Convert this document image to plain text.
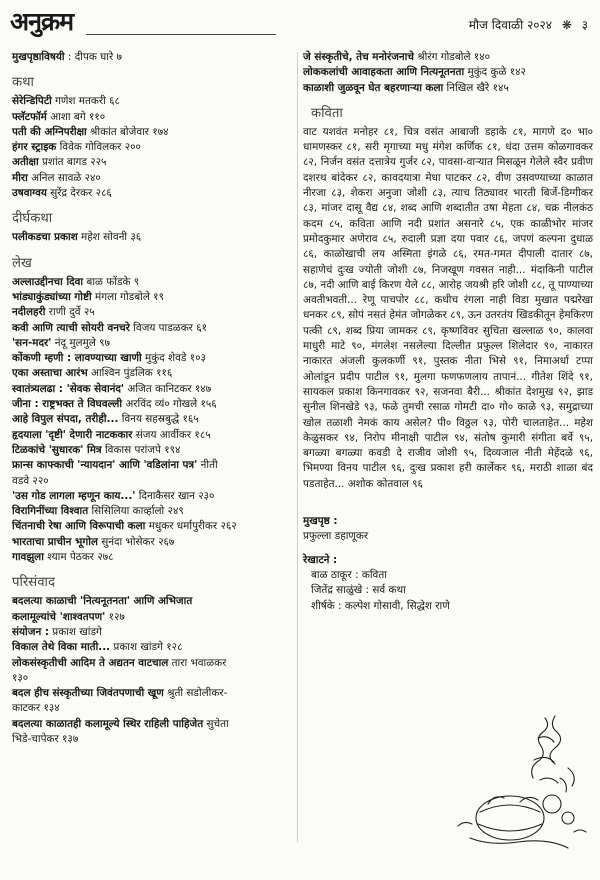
अनुक्रम	मौज दिवाळी २०२४ ❋ ३
मुखपृष्ठाविषयी : दीपक घारे ७
कथा
सेरेन्डिपिटी गणेश मतकरी ६८
फ्लॅटफॉर्म आशा बगे ११०
पती की अग्निपरीक्षा श्रीकांत बोजेवार १७४
हंगर स्ट्राइक विवेक गोविलकर २००
अतीक्षा प्रशांत बागड २२५
मीरा अनिल सावळे २४०
उषवाग्वय सुरेंद्र देरकर २८६
दीर्घकथा
पलीकडचा प्रकाश महेश सोवनी ३६
लेख
अल्लाउद्दीनचा दिवा बाळ फोंडके ९
भांड्याकुंड्यांच्या गोष्टी मंगला गोडबोले १९
नदीलहरी राणी दुर्वे २५
कवी आणि त्याची सोयरी वनचरे विजय पाडळकर ६१
'सन-मदर' नंदू मुलमुले ९७
कोंकणी म्हणी : लावण्याच्या खाणी मुकुंद शेवडे १०३
एका अस्ताचा आरंभ आश्विन पुंडलिक ११६
स्वातंत्र्यलढा : 'सेवक सेवानंद' अजित कानिटकर १४७
जीना : राष्ट्रभक्त ते विघवल्ली अरविंद व्यं० गोखले १५६
आहे विपुल संपदा, तरीही... विनय सहस्रबुद्धे १६५
हृदयाला 'दृष्टी' देणारी नाटककार संजय आर्वीकर १८५
टिळकांचे 'सुधारक' मित्र विकास परांजपे १९४
फ्रान्स काफ्काची 'न्यायदान' आणि 'वडिलांना पत्र' नीती
वडवे २२०
'उस गोड लागला म्हणून काय...' दिनाकैसर खान २३०
विरागिनींच्या विश्वात सिसिलिया कार्व्हालो २४९
चिंतनाची रेषा आणि विरूपाची कला मधुकर धर्मापुरीकर २६२
भारताचा प्राचीन भूगोल सुनंदा भोसेकर २६७
गावझुला श्याम पेठकर २७८
परिसंवाद
बदलत्या काळाची 'नित्यनूतनता' आणि अभिजात
कलामूल्यांचे 'शाश्वतपण' १२७
संयोजन : प्रकाश खांडगे
विकाल तेथे विका माती... प्रकाश खांडगे १२८
लोकसंस्कृतीची आदिम ते अद्यतन वाटचाल तारा भवाळकर
१३०
बदल हीच संस्कृतीच्या जिवंतपणाची खूण श्रुती सडोलीकर-
काटकर १३४
बदलत्या काळातही कलामूल्ये स्थिर राहिली पाहिजेत सुचेता
भिडे-चापेकर १३७
जे संस्कृतीचे, तेच मनोरंजनाचे श्रीरंग गोडबोले १४०
लोककलांची आवाहकता आणि नित्यनूतनता मुकुंद कुळे १४२
काळाशी जुळवून घेत बहरणाऱ्या कला निखिल खैरे १४५
कविता
वाट यशवंत मनोहर ८१, चित्र वसंत आबाजी डहाके ८१, मागणे द० भा० धामणस्कर ८१, सरी मृगाच्या मधु मंगेश कर्णिक ८१, धंदा उत्तम कोळगावकर ८२, निर्जन वसंत दत्तात्रेय गुर्जर ८२, पावसा-वाऱ्यात मिसळून गेलेले स्वैर प्रवीण दशरथ बांदेकर ८२, कावदयात्रा मेधा पाटकर ८२, वीण उसवण्याच्या काळात नीरजा ८३, शेकरा अनुजा जोशी ८३, त्याच तिठ्यावर भारती बिर्जे-डिग्गीकर ८३, मांजर दासू वैद्य ८४, शब्द आणि शब्दातीत उषा मेहता ८४, चक्र नीलकंठ कदम ८५, कविता आणि नदी प्रशांत असनारे ८५, एक काळीभोर मांजर प्रमोदकुमार अणेराव ८५, रुदाली प्रज्ञा दया पवार ८६, जपणं कल्पना दुधाळ ८६, काळोखाची लय अस्मिता इंगळे ८६, रमत-गमत दीपाली दातार ८७, सहाणेचं दुःख ज्योती जोशी ८७, निजखूण गवसत नाही... मंदाकिनी पाटील ८७, नदी आणि बाई किरण येले ८८, आरोह जयश्री हरि जोशी ८८, तू पाण्याच्या अवतीभवती... रेणू पाचपोर ८८, कधीच रंगला नाही विडा मुखात पद्मरेखा धनकर ८९, सोपं नसतं हेमंत जोगळेकर ८९, ऊन उतरतंय खिडकीतून हेमकिरण पत्की ८९, शब्द प्रिया जामकर ८९, कृष्णविवर सुचिता खल्लाळ ९०, कालवा माधुरी माटे ९०, मंगलेश नसलेल्या दिल्लीत प्रफुल्ल शिलेदार ९०, नाकारत नाकारत अंजली कुलकर्णी ९१, पुस्तक नीता भिसे ९१, निमाअर्धा टप्पा ओलांडून प्रदीप पाटील ९१, मुलगा फणफणलाय तापानं... गीतेश शिंदे ९१, सायकल प्रकाश किनगावकर ९२, सजनवा बैरी... श्रीकांत देशमुख ९२, झाड सुनील शिनखेडे ९३, फळे तुमची रसाळ गोमटी दा० गो० काळे ९३, समुद्राच्या खोल तळाशी नेमकं काय असेल? पी० विठ्ठल ९३, पोरी चालताहेत... महेश केळुसकर ९४, निरोप मीनाक्षी पाटील ९४, संतोष कुमारी संगीता बर्वे ९५, बगळ्या बगळ्या कवडी दे राजीव जोशी ९५, दिव्यजाल नीती मेहेंदळे ९६, भिमण्या विनय पाटील ९६, दुःख प्रकाश हरी कार्लेकर ९६, मराठी शाळा बंद पडताहेत... अशोक कोतवाल ९६
मुखपृष्ठ :
प्रफुल्ला डहाणूकर
रेखाटने :
बाळ ठाकूर : कविता
जितेंद्र साळुंखे : सर्व कथा
शीर्षके : कल्पेश गोसावी, सिद्धेश राणे
